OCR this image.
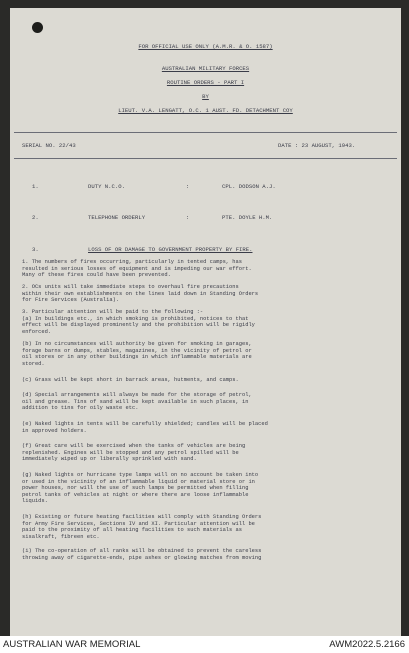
FOR OFFICIAL USE ONLY (A.M.R. & O. 1587)
AUSTRALIAN MILITARY FORCES
ROUTINE ORDERS - PART I
BY
LIEUT. V.A. LENGATT, O.C. 1 AUST. FD. DETACHMENT COY
SERIAL NO. 22/43	DATE : 23 AUGUST, 1943.
1.	DUTY N.C.O.	:	CPL. DODSON A.J.
2.	TELEPHONE ORDERLY	:	PTE. DOYLE H.M.
3.	LOSS OF OR DAMAGE TO GOVERNMENT PROPERTY BY FIRE.
1. The numbers of fires occurring, particularly in tented camps, has
resulted in serious losses of equipment and is impeding our war effort.
Many of these fires could have been prevented.
2. OCs units will take immediate steps to overhaul fire precautions
within their own establishments on the lines laid down in Standing Orders
for Fire Services (Australia).
3. Particular attention will be paid to the following :-
(a) In buildings etc., in which smoking is prohibited, notices to that
effect will be displayed prominently and the prohibition will be rigidly
enforced.
(b) In no circumstances will authority be given for smoking in garages,
forage barns or dumps, stables, magazines, in the vicinity of petrol or
oil stores or in any other buildings in which inflammable materials are
stored.
(c) Grass will be kept short in barrack areas, hutments, and camps.
(d) Special arrangements will always be made for the storage of petrol,
oil and grease. Tins of sand will be kept available in such places, in
addition to tins for oily waste etc.
(e) Naked lights in tents will be carefully shielded; candles will be placed
in approved holders.
(f) Great care will be exercised when the tanks of vehicles are being
replenished. Engines will be stopped and any petrol spilled will be
immediately wiped up or liberally sprinkled with sand.
(g) Naked lights or hurricane type lamps will on no account be taken into
or used in the vicinity of an inflammable liquid or material store or in
power houses, nor will the use of such lamps be permitted when filling
petrol tanks of vehicles at night or where there are loose inflammable
liquids.
(h) Existing or future heating facilities will comply with Standing Orders
for Army Fire Services, Sections IV and XI. Particular attention will be
paid to the proximity of all heating facilities to such materials as
sisalkraft, fibreen etc.
(i) The co-operation of all ranks will be obtained to prevent the careless
throwing away of cigarette-ends, pipe ashes or glowing matches from moving
AUSTRALIAN WAR MEMORIAL	AWM2022.5.2166
